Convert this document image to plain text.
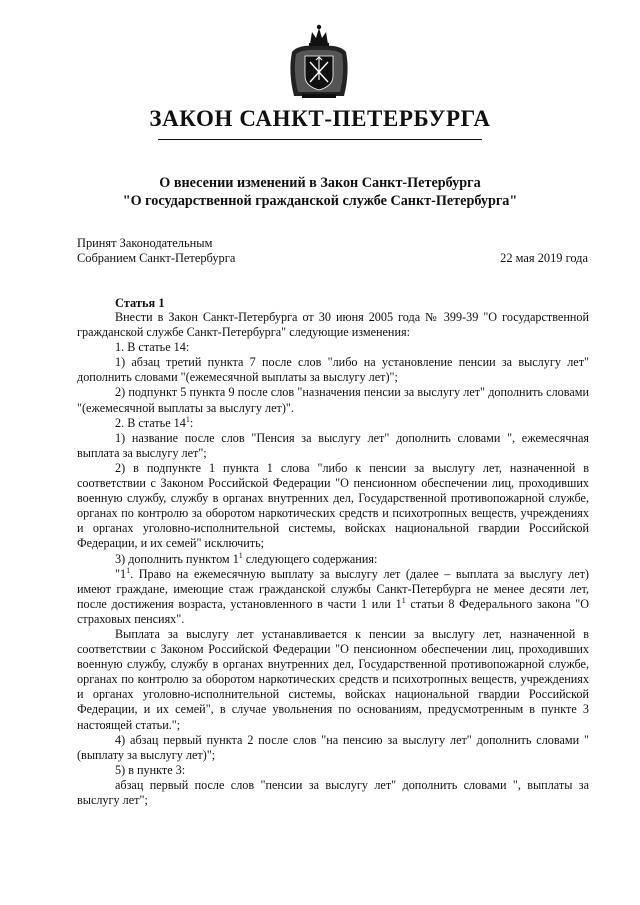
ЗАКОН САНКТ-ПЕТЕРБУРГА
О внесении изменений в Закон Санкт-Петербурга
"О государственной гражданской службе Санкт-Петербурга"
Принят Законодательным
Собранием Санкт-Петербурга	22 мая 2019 года
Статья 1

Внести в Закон Санкт-Петербурга от 30 июня 2005 года № 399-39 "О государственной гражданской службе Санкт-Петербурга" следующие изменения:

1. В статье 14:

1) абзац третий пункта 7 после слов "либо на установление пенсии за выслугу лет" дополнить словами "(ежемесячной выплаты за выслугу лет)";

2) подпункт 5 пункта 9 после слов "назначения пенсии за выслугу лет" дополнить словами "(ежемесячной выплаты за выслугу лет)".

2. В статье $14^1$:

1) название после слов "Пенсия за выслугу лет" дополнить словами ", ежемесячная выплата за выслугу лет";

2) в подпункте 1 пункта 1 слова "либо к пенсии за выслугу лет, назначенной в соответствии с Законом Российской Федерации "О пенсионном обеспечении лиц, проходивших военную службу, службу в органах внутренних дел, Государственной противопожарной службе, органах по контролю за оборотом наркотических средств и психотропных веществ, учреждениях и органах уголовно-исполнительной системы, войсках национальной гвардии Российской Федерации, и их семей" исключить;

3) дополнить пунктом $1^1$ следующего содержания:

"$1^1$. Право на ежемесячную выплату за выслугу лет (далее – выплата за выслугу лет) имеют граждане, имеющие стаж гражданской службы Санкт-Петербурга не менее десяти лет, после достижения возраста, установленного в части 1 или $1^1$ статьи 8 Федерального закона "О страховых пенсиях".

Выплата за выслугу лет устанавливается к пенсии за выслугу лет, назначенной в соответствии с Законом Российской Федерации "О пенсионном обеспечении лиц, проходивших военную службу, службу в органах внутренних дел, Государственной противопожарной службе, органах по контролю за оборотом наркотических средств и психотропных веществ, учреждениях и органах уголовно-исполнительной системы, войсках национальной гвардии Российской Федерации, и их семей", в случае увольнения по основаниям, предусмотренным в пункте 3 настоящей статьи.";

4) абзац первый пункта 2 после слов "на пенсию за выслугу лет" дополнить словами "(выплату за выслугу лет)";

5) в пункте 3:

абзац первый после слов "пенсии за выслугу лет" дополнить словами ", выплаты за выслугу лет";
